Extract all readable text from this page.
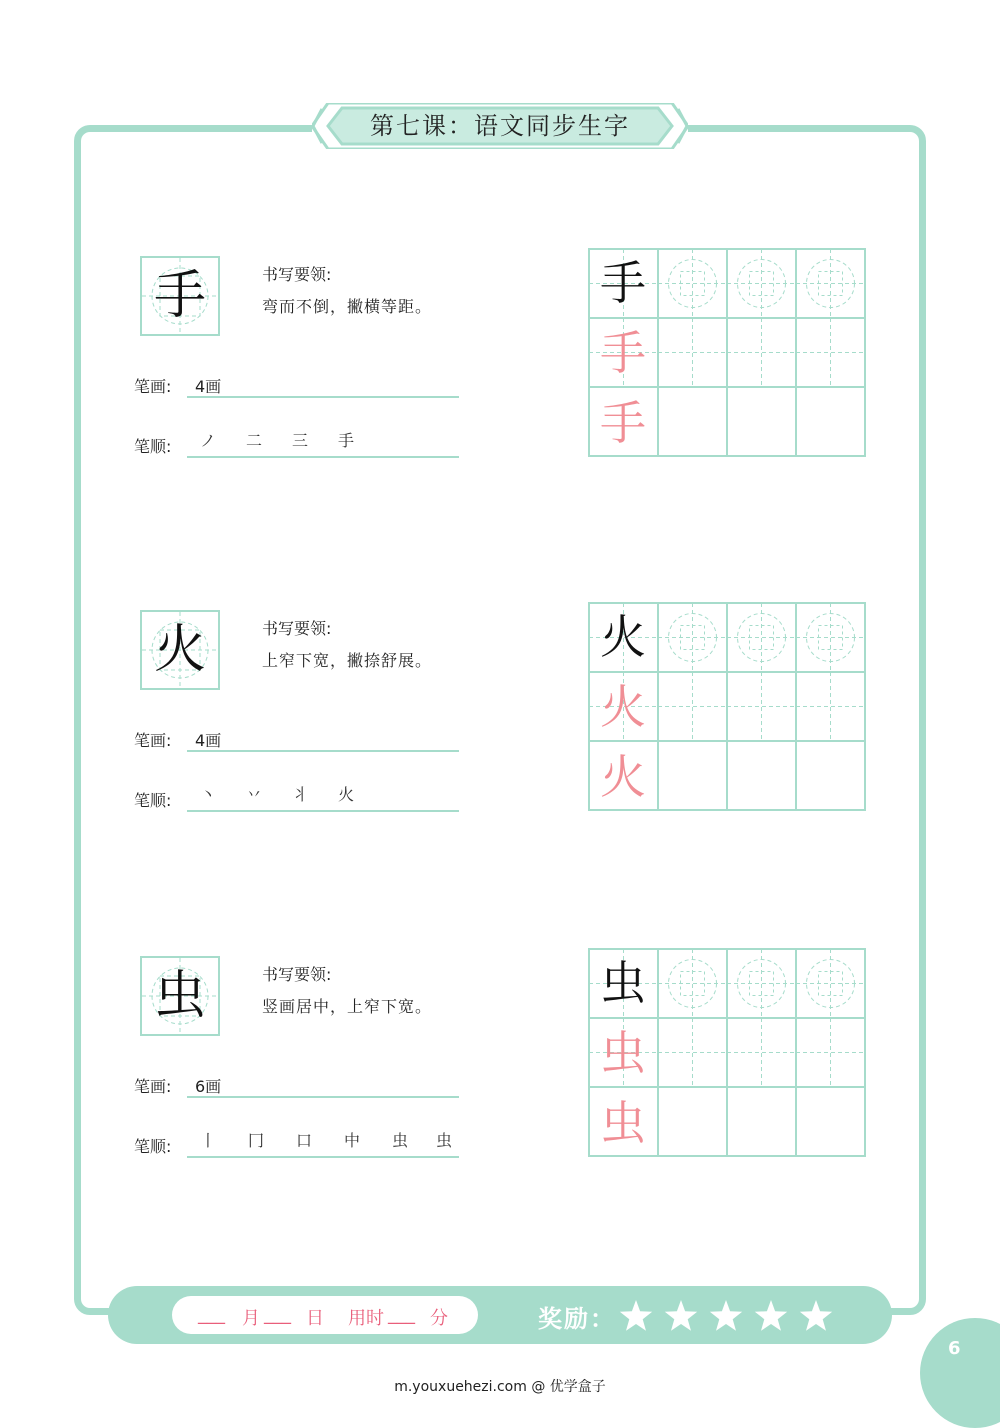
第七课：语文同步生字
手	书写要领:
弯而不倒，撇横等距。
笔画: 4画
笔顺: ノ 二 三 手
手
手
手
火	书写要领:
上窄下宽，撇捺舒展。
笔画: 4画
笔顺: 丶 丷 丬 火
火
火
火
虫	书写要领:
竖画居中，上窄下宽。
笔画: 6画
笔顺: 丨 冂 口 中 虫 虫
虫
虫
虫
___ 月 ___ 日 用时 ___ 分	奖励：
6
m.youxuehezi.com @ 优学盒子
